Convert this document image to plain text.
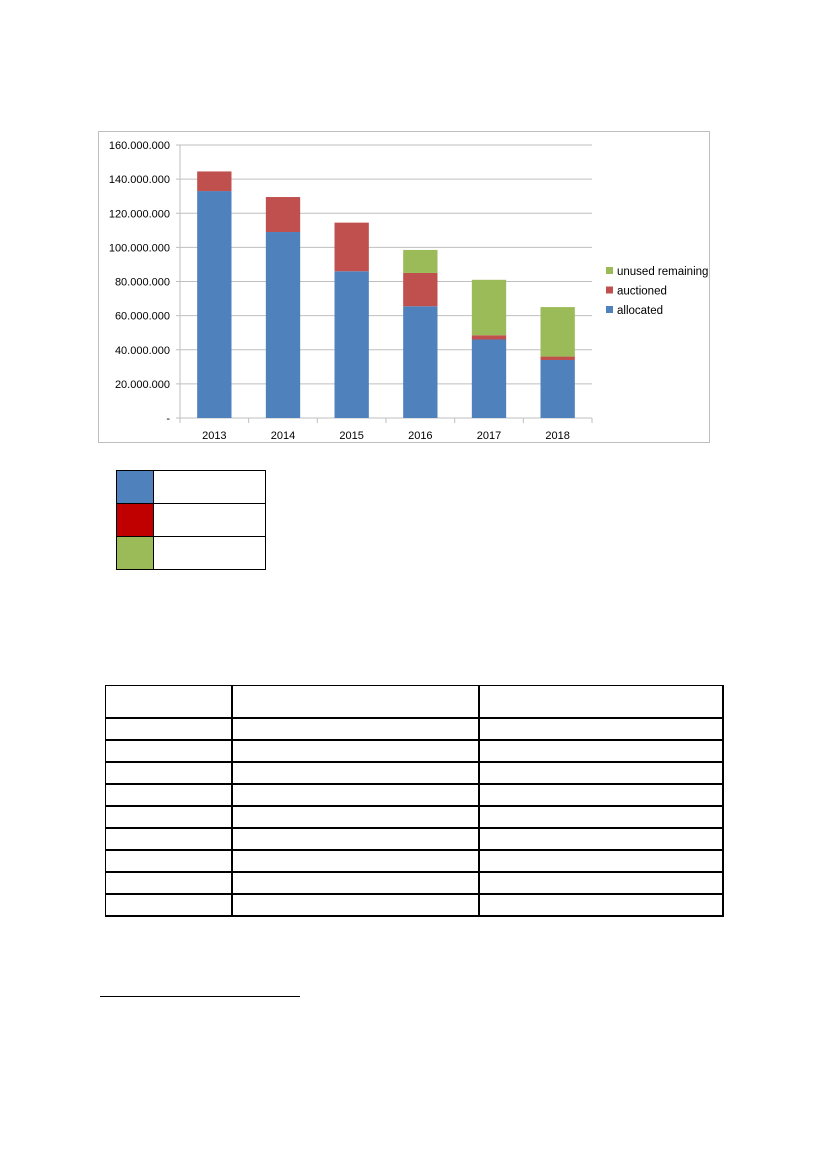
-
20.000.000
40.000.000
60.000.000
80.000.000
100.000.000
120.000.000
140.000.000
160.000.000
2013	2014	2015	2016	2017	2018
unused remaining
auctioned
allocated
